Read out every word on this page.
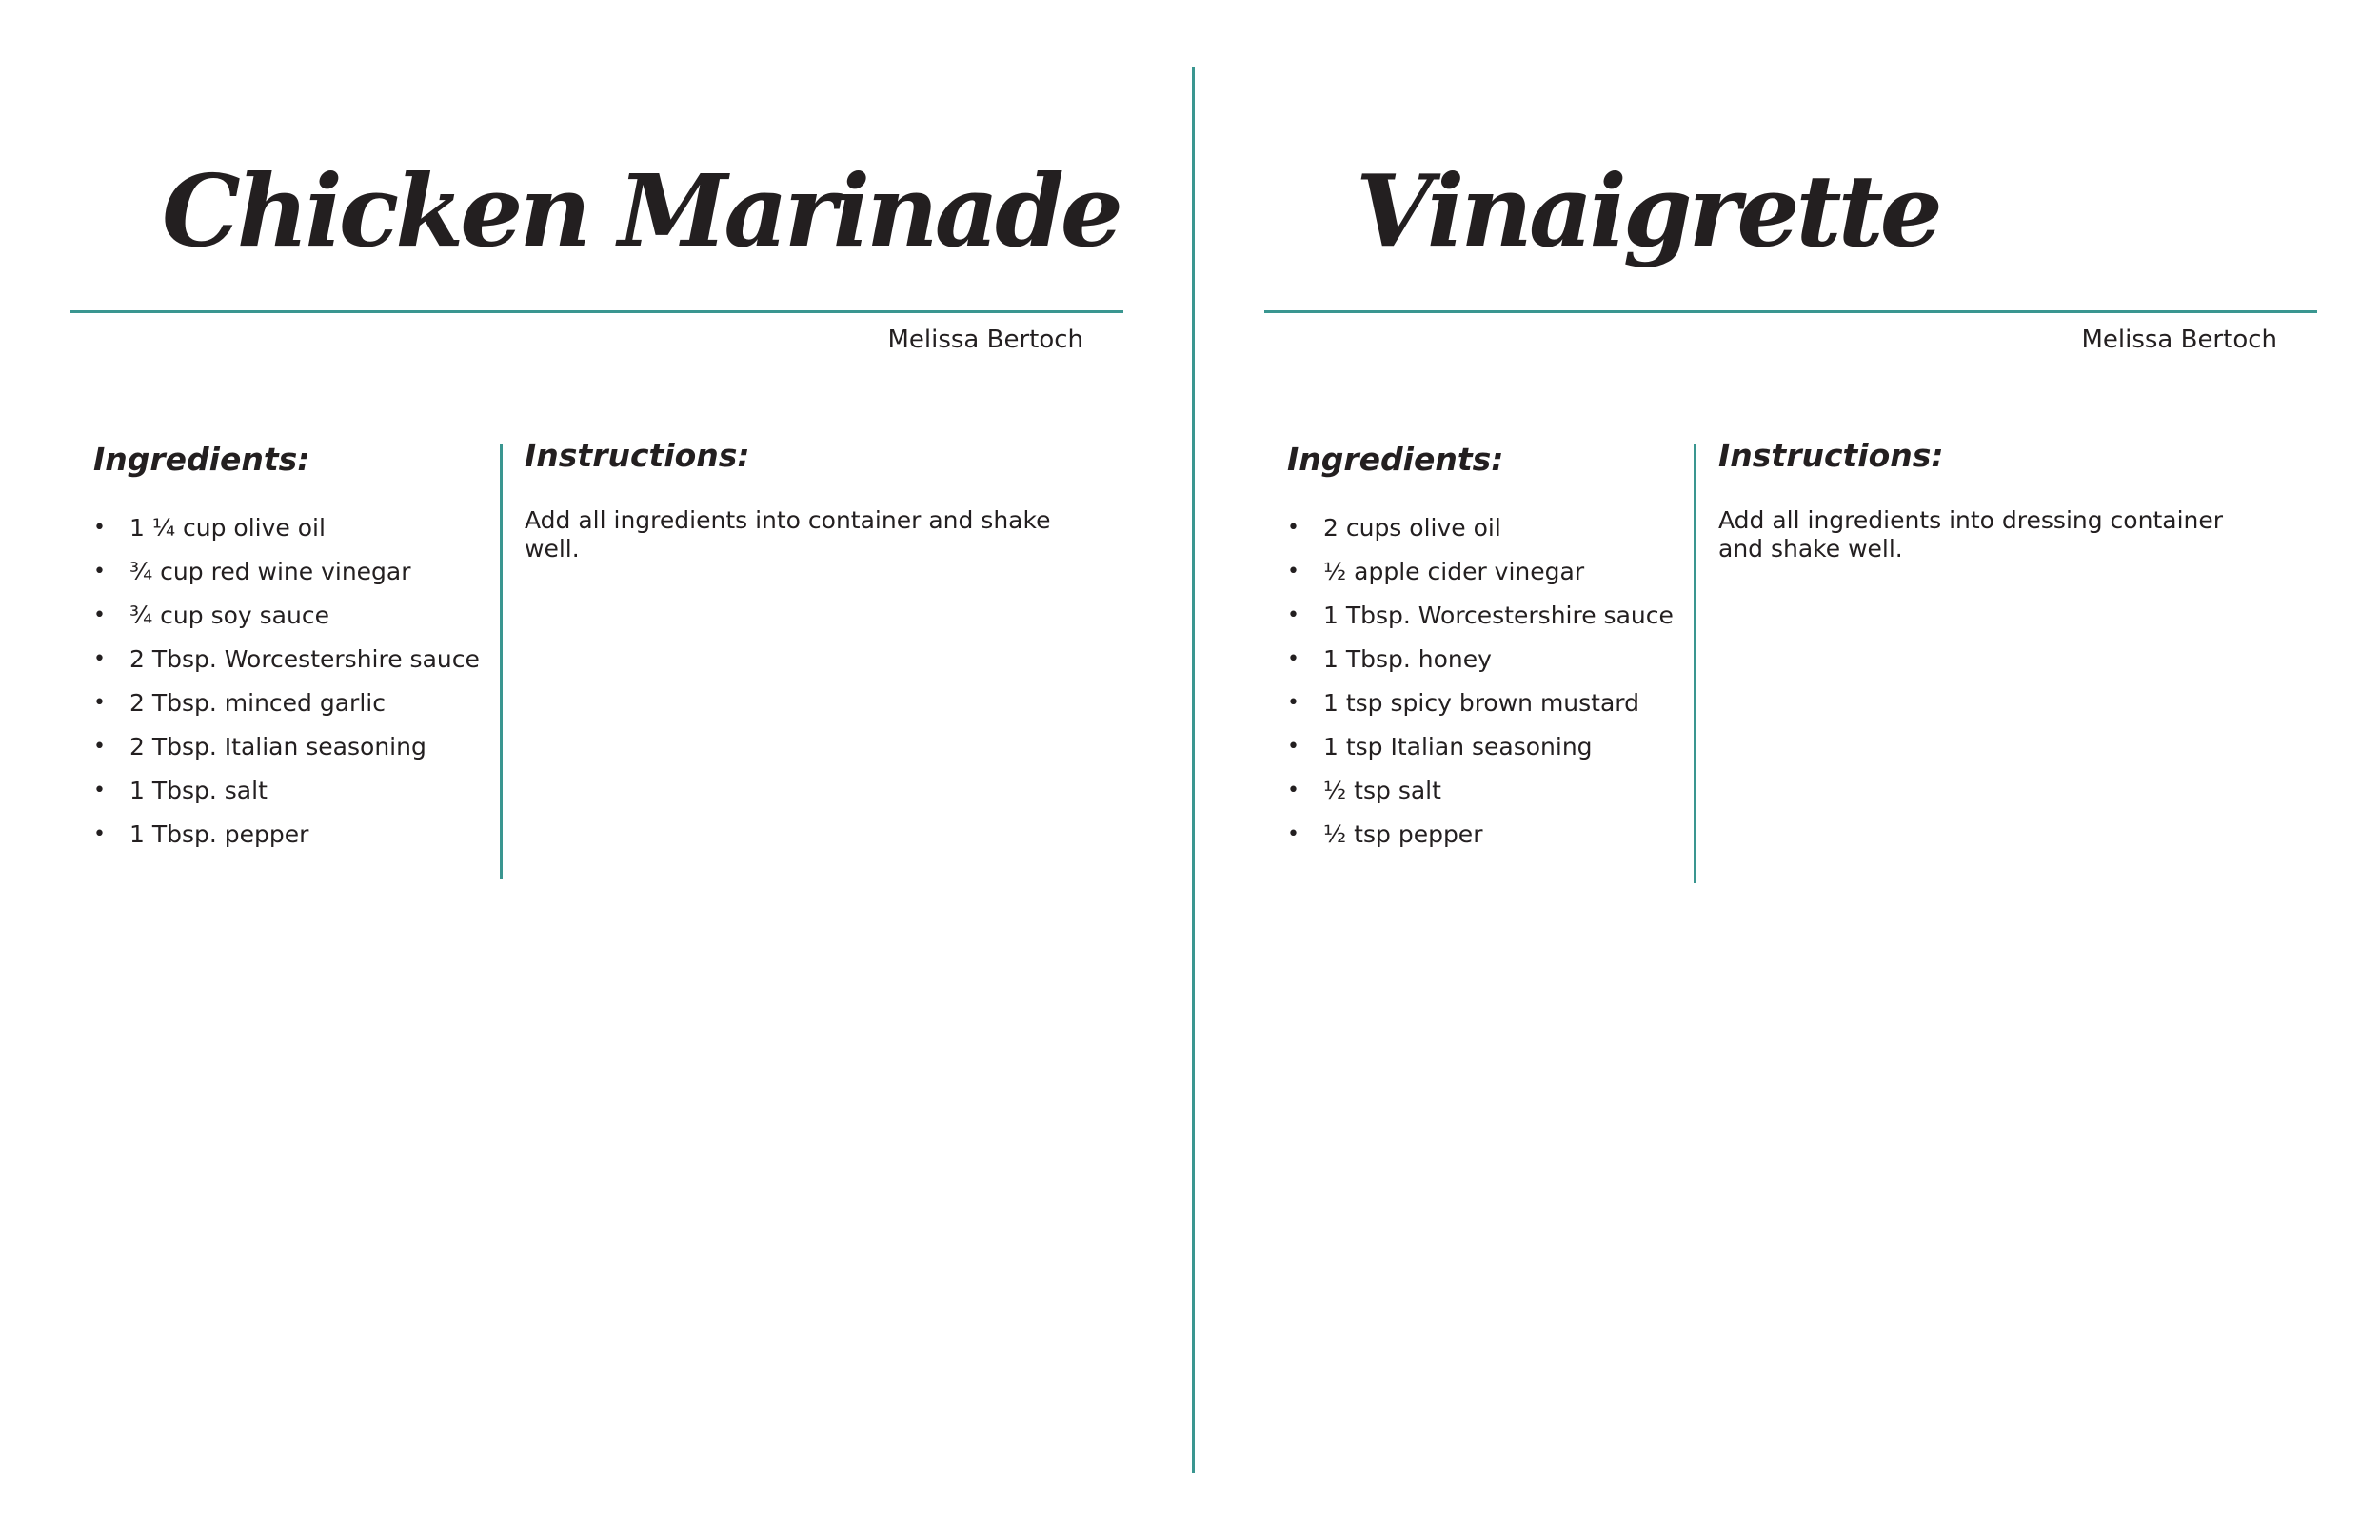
Chicken Marinade
Melissa Bertoch
Ingredients:
• 1 ¼ cup olive oil
• ¾ cup red wine vinegar
• ¾ cup soy sauce
• 2 Tbsp. Worcestershire sauce
• 2 Tbsp. minced garlic
• 2 Tbsp. Italian seasoning
• 1 Tbsp. salt
• 1 Tbsp. pepper
Instructions:

Add all ingredients into container and shake well.

Vinaigrette
Melissa Bertoch
Ingredients:
• 2 cups olive oil
• ½ apple cider vinegar
• 1 Tbsp. Worcestershire sauce
• 1 Tbsp. honey
• 1 tsp spicy brown mustard
• 1 tsp Italian seasoning
• ½ tsp salt
• ½ tsp pepper
Instructions:

Add all ingredients into dressing container and shake well.
